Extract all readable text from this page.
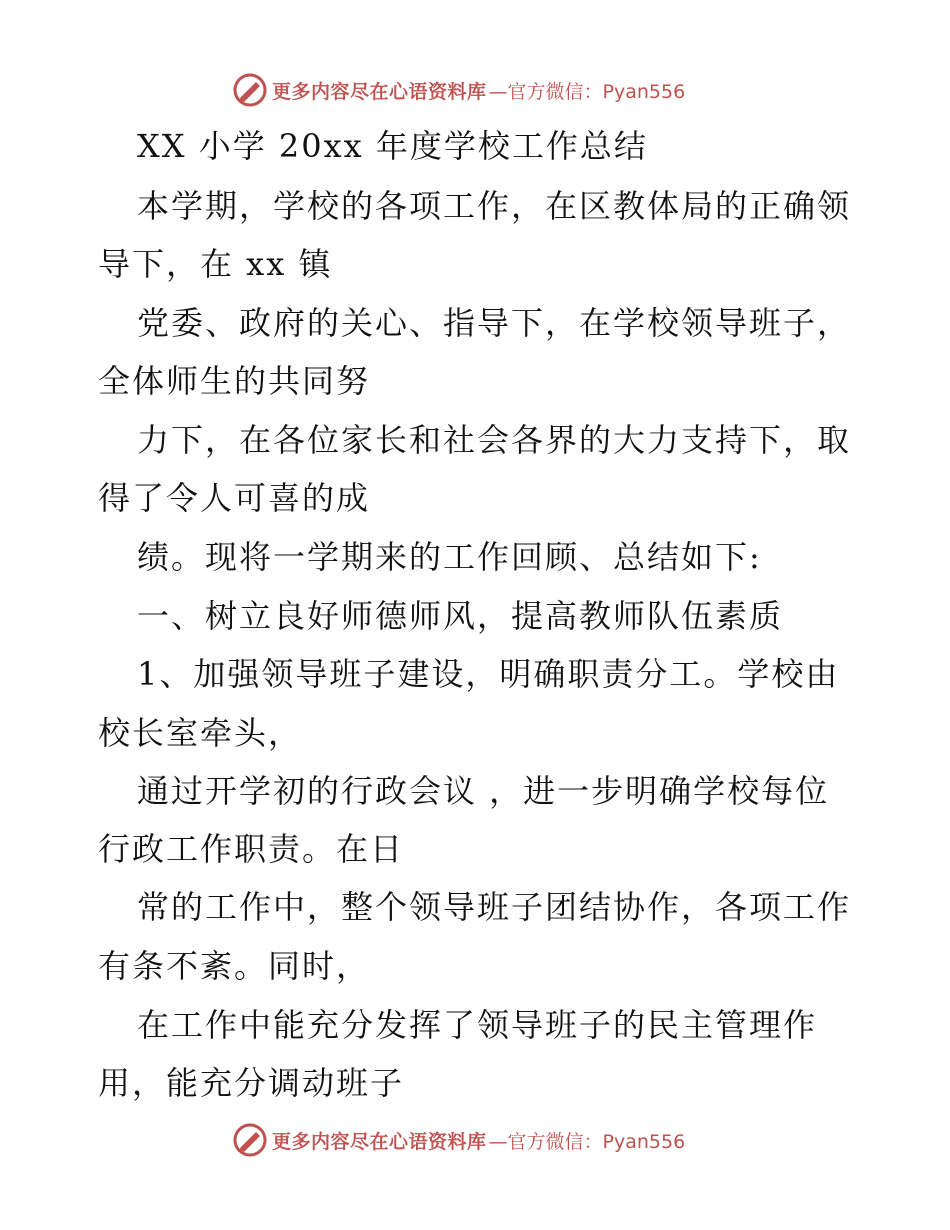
更多内容尽在心语资料库 —官方微信：Pyan556
XX 小学 20xx 年度学校工作总结
本学期，学校的各项工作，在区教体局的正确领
导下，在 xx 镇
党委、政府的关心、指导下，在学校领导班子，
全体师生的共同努
力下，在各位家长和社会各界的大力支持下，取
得了令人可喜的成
绩。现将一学期来的工作回顾、总结如下:
一、树立良好师德师风，提高教师队伍素质
1、加强领导班子建设，明确职责分工。学校由
校长室牵头，
通过开学初的行政会议 ，进一步明确学校每位
行政工作职责。在日
常的工作中，整个领导班子团结协作，各项工作
有条不紊。同时，
在工作中能充分发挥了领导班子的民主管理作
用，能充分调动班子
更多内容尽在心语资料库 —官方微信：Pyan556
